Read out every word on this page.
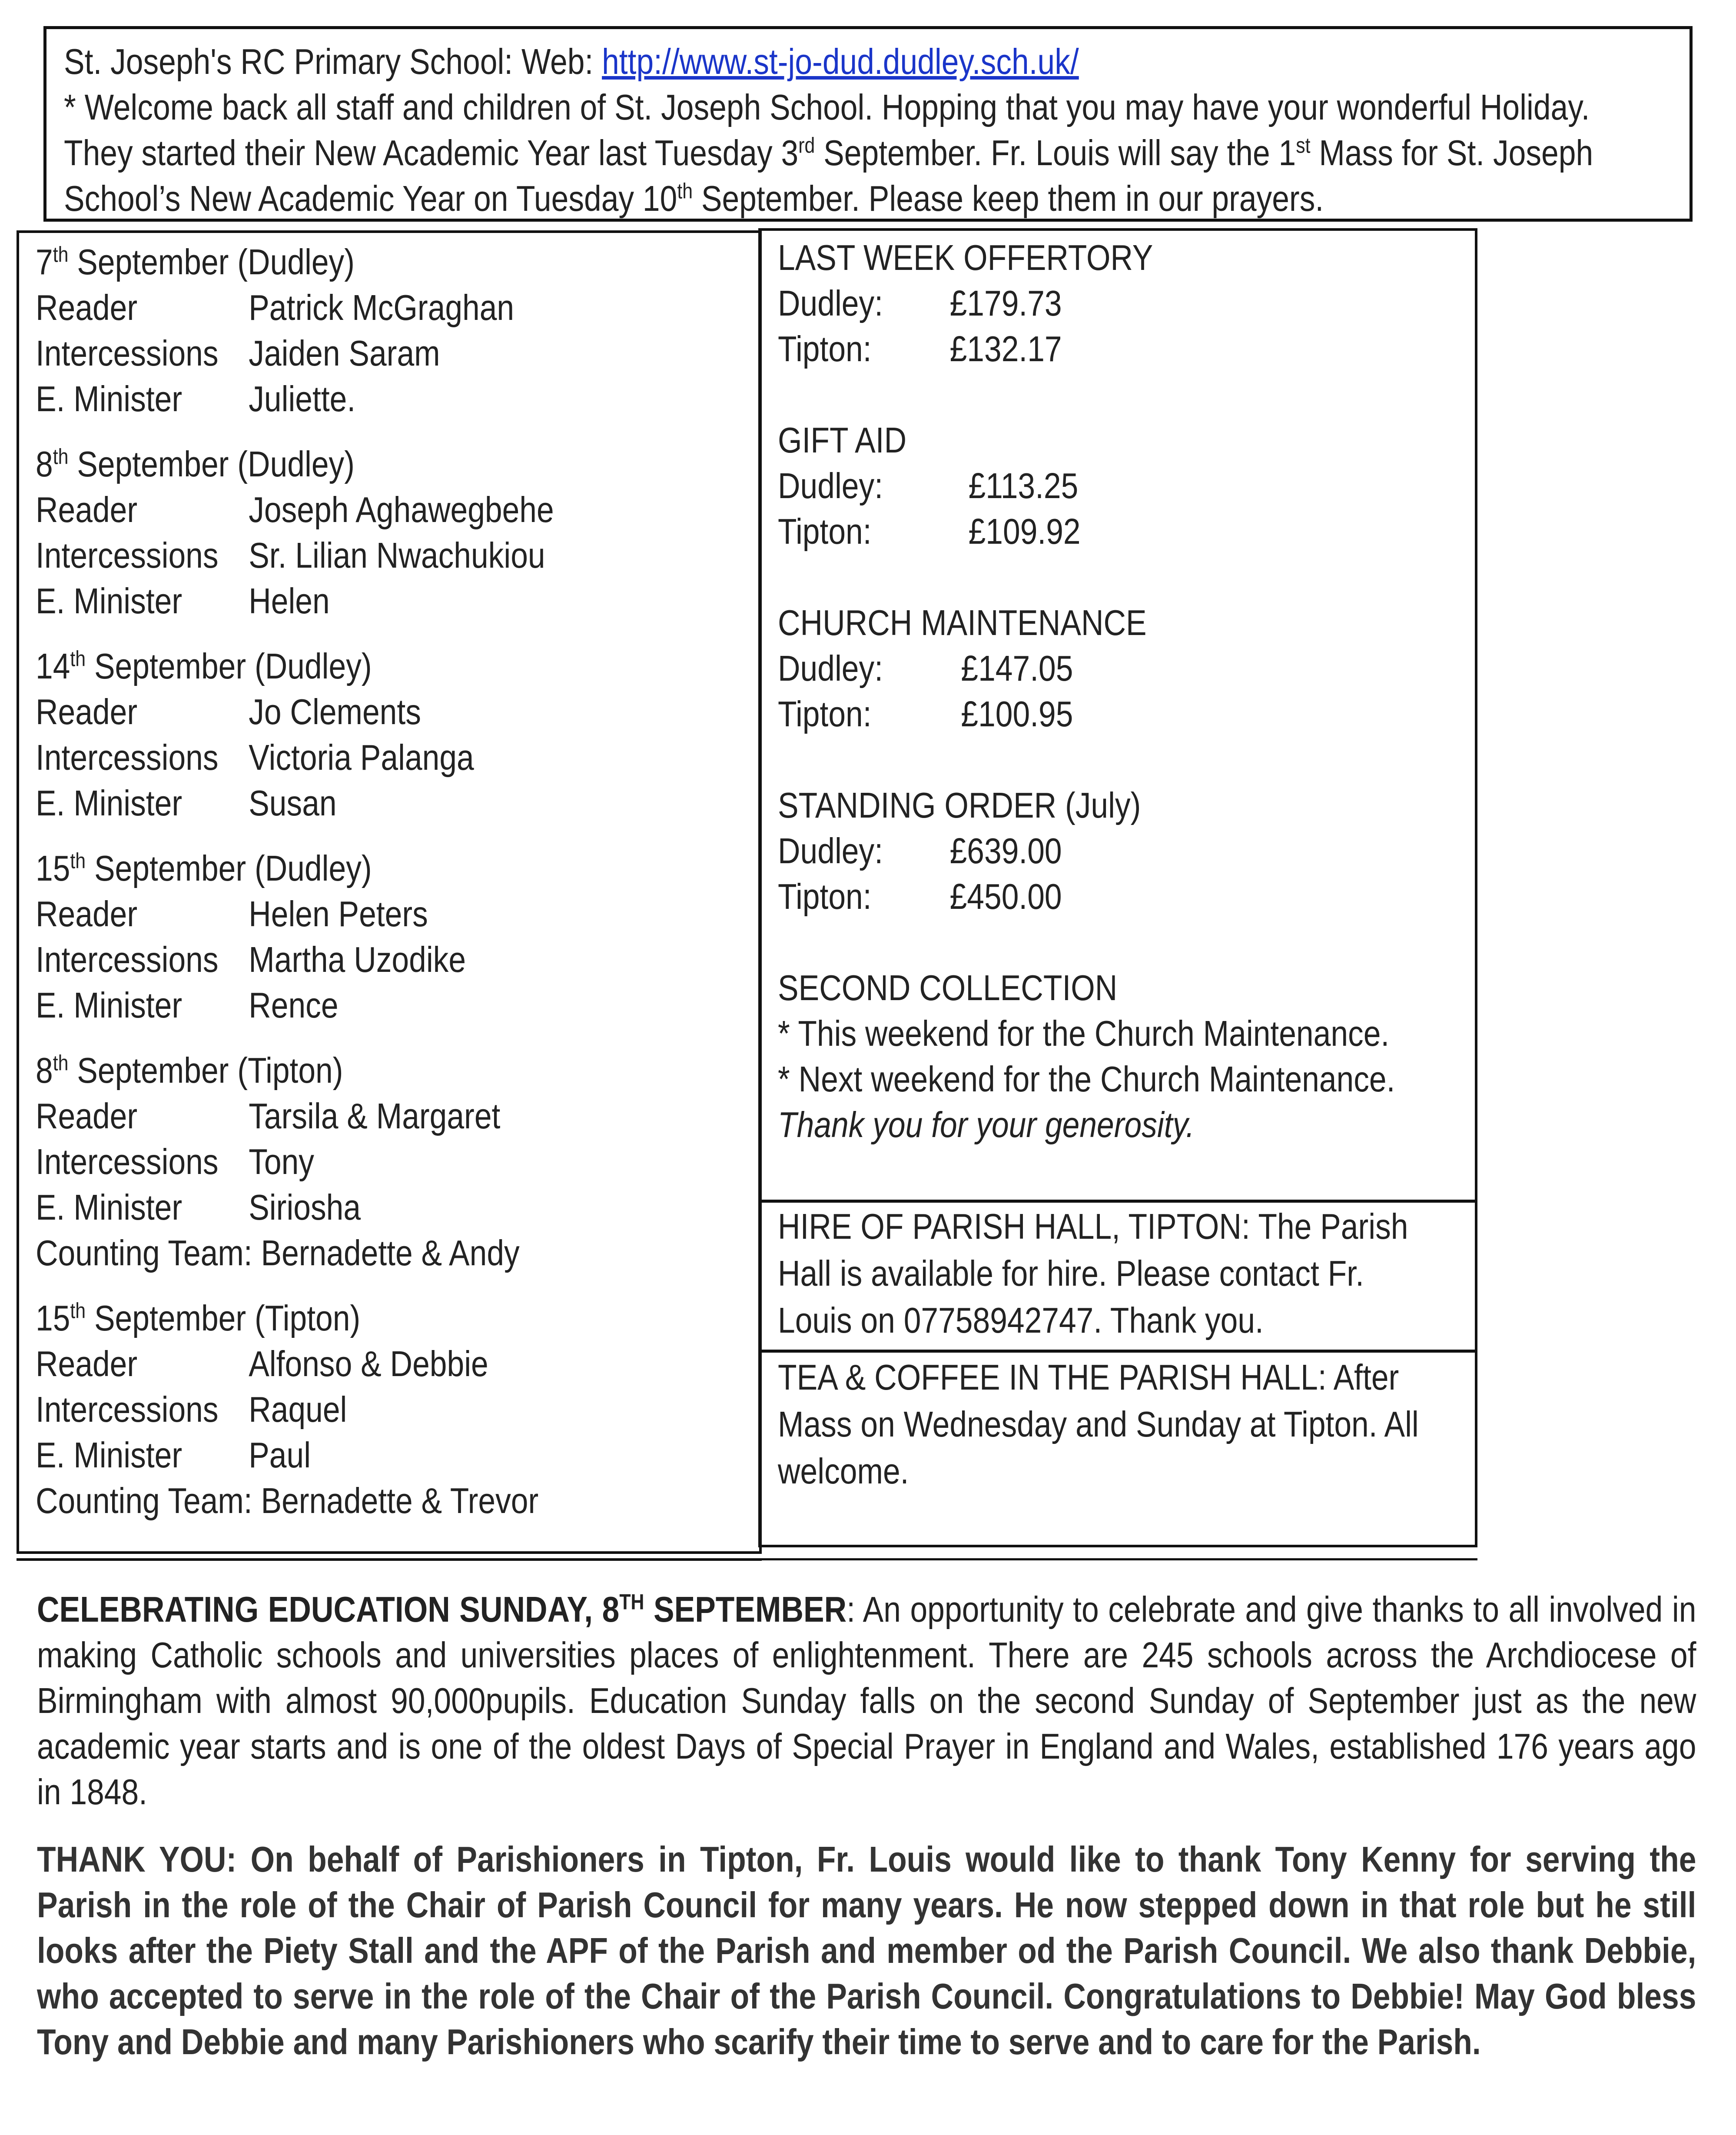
St. Joseph's RC Primary School: Web: http://www.st-jo-dud.dudley.sch.uk/
* Welcome back all staff and children of St. Joseph School. Hopping that you may have your wonderful Holiday.
They started their New Academic Year last Tuesday 3rd September. Fr. Louis will say the 1st Mass for St. Joseph
School’s New Academic Year on Tuesday 10th September. Please keep them in our prayers.
7th September (Dudley)
Reader	Patrick McGraghan
Intercessions Jaiden Saram
E. Minister	Juliette.
8th September (Dudley)
Reader	Joseph Aghawegbehe
Intercessions Sr. Lilian Nwachukiou
E. Minister	Helen
14th September (Dudley)
Reader	Jo Clements
Intercessions Victoria Palanga
E. Minister	Susan
15th September (Dudley)
Reader	Helen Peters
Intercessions Martha Uzodike
E. Minister	Rence
8th September (Tipton)
Reader	Tarsila & Margaret
Intercessions Tony
E. Minister	Siriosha
Counting Team: Bernadette & Andy
15th September (Tipton)
Reader	Alfonso & Debbie
Intercessions Raquel
E. Minister	Paul
Counting Team: Bernadette & Trevor
LAST WEEK OFFERTORY
Dudley:	£179.73
Tipton:	£132.17
GIFT AID
Dudley:	£113.25
Tipton:	£109.92
CHURCH MAINTENANCE
Dudley:	£147.05
Tipton:	£100.95
STANDING ORDER (July)
Dudley:	£639.00
Tipton:	£450.00
SECOND COLLECTION
* This weekend for the Church Maintenance.
* Next weekend for the Church Maintenance.
Thank you for your generosity.
HIRE OF PARISH HALL, TIPTON: The Parish
Hall is available for hire. Please contact Fr.
Louis on 07758942747. Thank you.
TEA & COFFEE IN THE PARISH HALL: After
Mass on Wednesday and Sunday at Tipton. All
welcome.
CELEBRATING EDUCATION SUNDAY, 8TH SEPTEMBER: An opportunity to celebrate and give thanks to all involved in making Catholic schools and universities places of enlightenment. There are 245 schools across the Archdiocese of Birmingham with almost 90,000pupils. Education Sunday falls on the second Sunday of September just as the new academic year starts and is one of the oldest Days of Special Prayer in England and Wales, established 176 years ago in 1848.
THANK YOU: On behalf of Parishioners in Tipton, Fr. Louis would like to thank Tony Kenny for serving the Parish in the role of the Chair of Parish Council for many years. He now stepped down in that role but he still looks after the Piety Stall and the APF of the Parish and member od the Parish Council. We also thank Debbie, who accepted to serve in the role of the Chair of the Parish Council. Congratulations to Debbie! May God bless Tony and Debbie and many Parishioners who scarify their time to serve and to care for the Parish.
